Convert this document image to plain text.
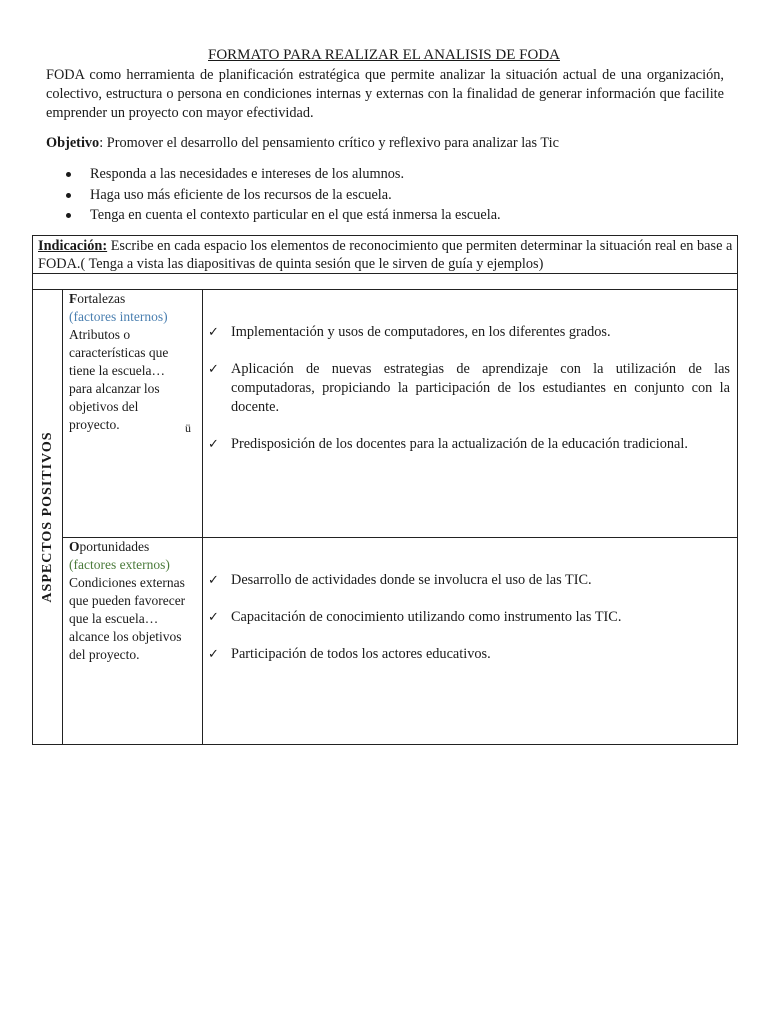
FORMATO PARA REALIZAR EL ANALISIS DE FODA
FODA como herramienta de planificación estratégica que permite analizar la situación actual de una organización, colectivo, estructura o persona en condiciones internas y externas con la finalidad de generar información que facilite emprender un proyecto con mayor efectividad.
Objetivo: Promover el desarrollo del pensamiento crítico y reflexivo para analizar las Tic
Responda a las necesidades e intereses de los alumnos.
Haga uso más eficiente de los recursos de la escuela.
Tenga en cuenta el contexto particular en el que está inmersa la escuela.
Indicación: Escribe en cada espacio los elementos de reconocimiento que permiten determinar la situación real en base a FODA.( Tenga a vista las diapositivas de quinta sesión que le sirven de guía y ejemplos)
ASPECTOS POSITIVOS
Fortalezas
(factores internos)
Atributos o características que tiene la escuela… para alcanzar los objetivos del proyecto.	ü
✓ Implementación y usos de computadores, en los diferentes grados.
✓ Aplicación de nuevas estrategias de aprendizaje con la utilización de las computadoras, propiciando la participación de los estudiantes en conjunto con la docente.
✓ Predisposición de los docentes para la actualización de la educación tradicional.
Oportunidades
(factores externos)
Condiciones externas que pueden favorecer que la escuela… alcance los objetivos del proyecto.
✓ Desarrollo de actividades donde se involucra el uso de las TIC.
✓ Capacitación de conocimiento utilizando como instrumento las TIC.
✓ Participación de todos los actores educativos.
